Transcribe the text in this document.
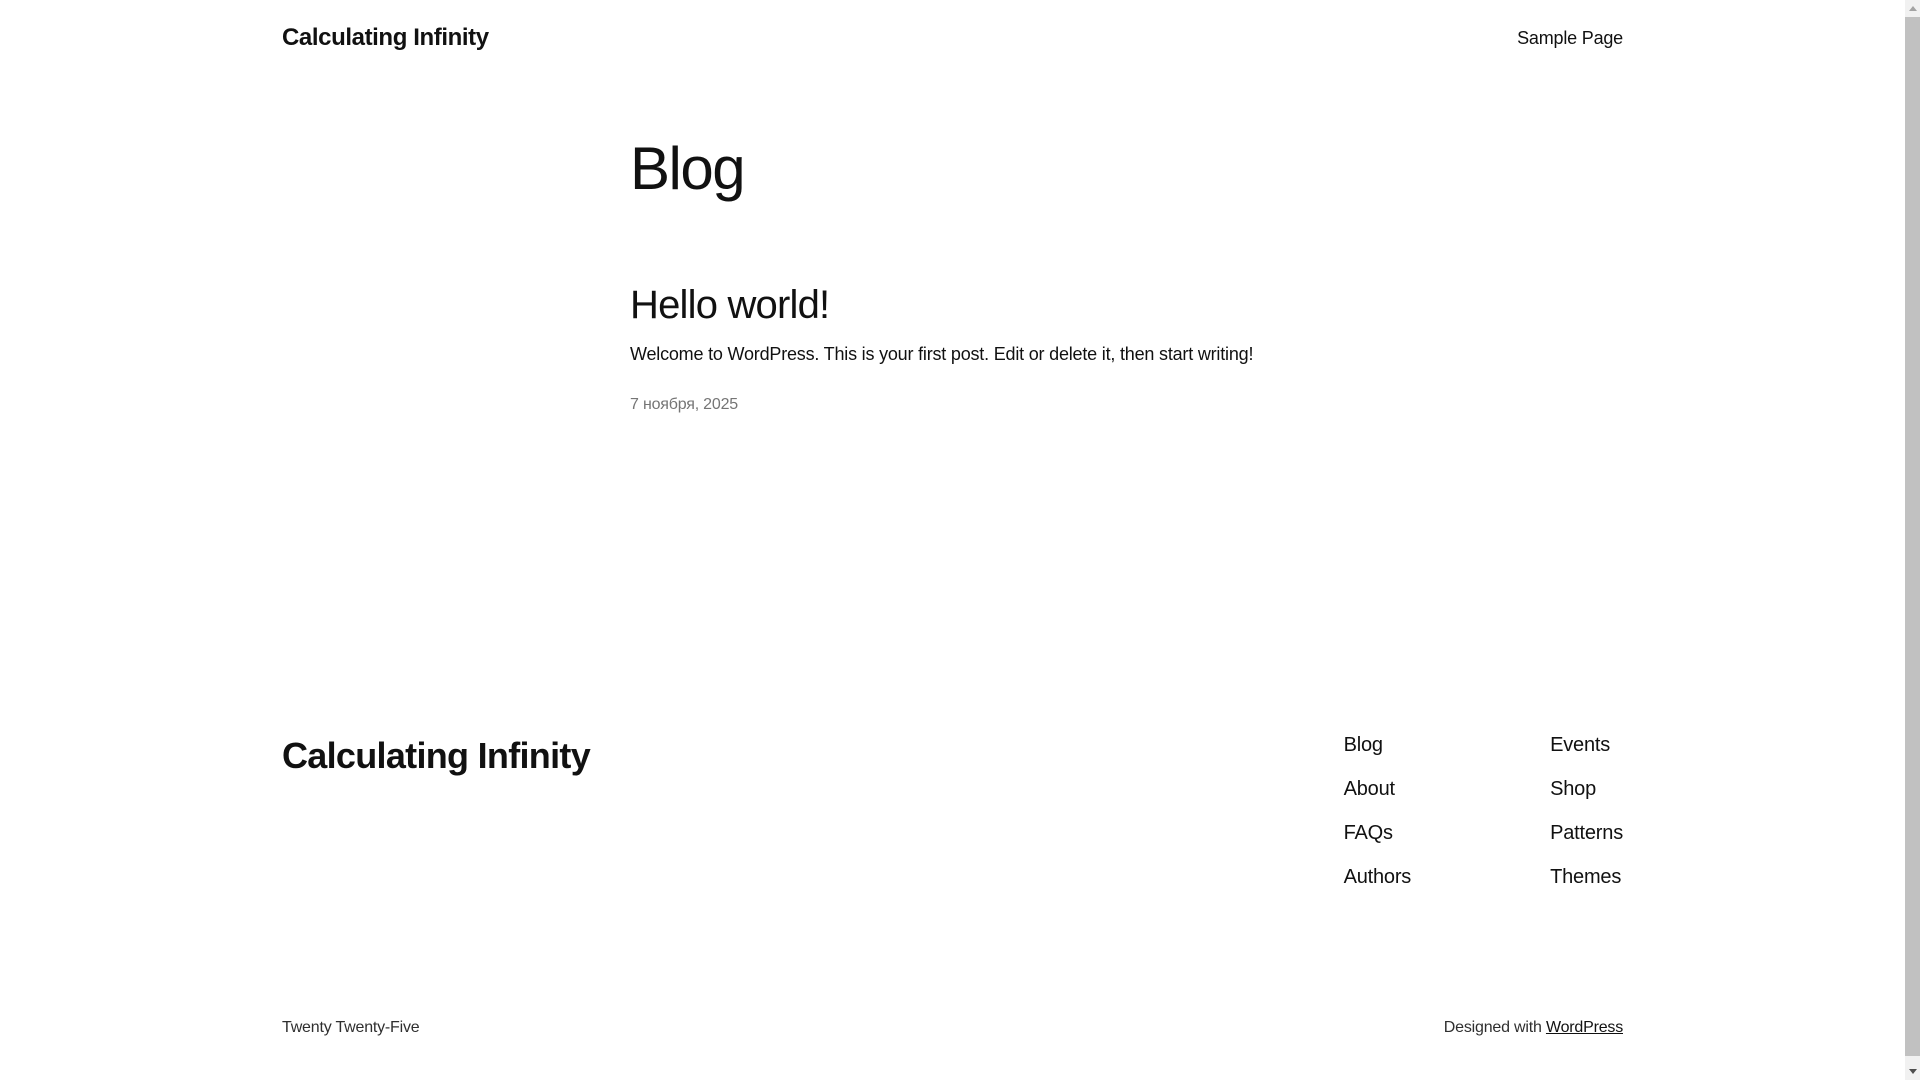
Calculating Infinity	Sample Page
Blog
Hello world!

Welcome to WordPress. This is your first post. Edit or delete it, then start writing!

7 ноября, 2025
Calculating Infinity	Blog
About
FAQs
Authors
Events
Shop
Patterns
Themes
Twenty Twenty-Five	Designed with WordPress
